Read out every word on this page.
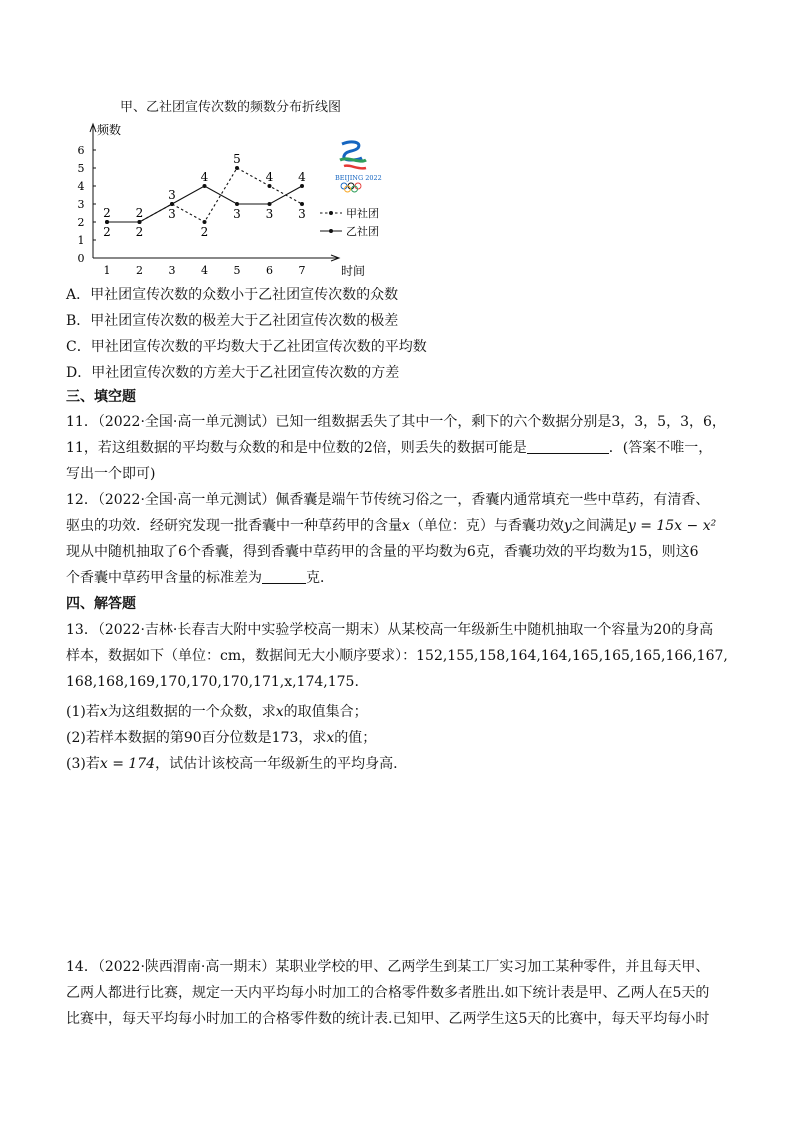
甲、乙社团宣传次数的频数分布折线图
频数
时间
0
1
2
3
4
5
6
1 2 3 4 5 6 7
2 2
3
2
5
4
3
2 2
3
4
3 3
4
甲社团
乙社团
BEIJING 2022
A．甲社团宣传次数的众数小于乙社团宣传次数的众数
B．甲社团宣传次数的极差大于乙社团宣传次数的极差
C．甲社团宣传次数的平均数大于乙社团宣传次数的平均数
D．甲社团宣传次数的方差大于乙社团宣传次数的方差
三、填空题
11．（2022·全国·高一单元测试）已知一组数据丢失了其中一个，剩下的六个数据分别是3，3，5，3，6，
11，若这组数据的平均数与众数的和是中位数的2倍，则丢失的数据可能是	．(答案不唯一，
写出一个即可)
12．（2022·全国·高一单元测试）佩香囊是端午节传统习俗之一，香囊内通常填充一些中草药，有清香、
驱虫的功效．经研究发现一批香囊中一种草药甲的含量x（单位：克）与香囊功效y之间满足y = 15x − x²
现从中随机抽取了6个香囊，得到香囊中草药甲的含量的平均数为6克，香囊功效的平均数为15，则这6
个香囊中草药甲含量的标准差为	克．
四、解答题
13．（2022·吉林·长春吉大附中实验学校高一期末）从某校高一年级新生中随机抽取一个容量为20的身高
样本，数据如下（单位：cm，数据间无大小顺序要求）：152,155,158,164,164,165,165,165,166,167,
168,168,169,170,170,170,171,x,174,175.
(1)若x为这组数据的一个众数，求x的取值集合；
(2)若样本数据的第90百分位数是173，求x的值；
(3)若x = 174，试估计该校高一年级新生的平均身高.
14．（2022·陕西渭南·高一期末）某职业学校的甲、乙两学生到某工厂实习加工某种零件，并且每天甲、
乙两人都进行比赛，规定一天内平均每小时加工的合格零件数多者胜出.如下统计表是甲、乙两人在5天的
比赛中，每天平均每小时加工的合格零件数的统计表.已知甲、乙两学生这5天的比赛中，每天平均每小时
